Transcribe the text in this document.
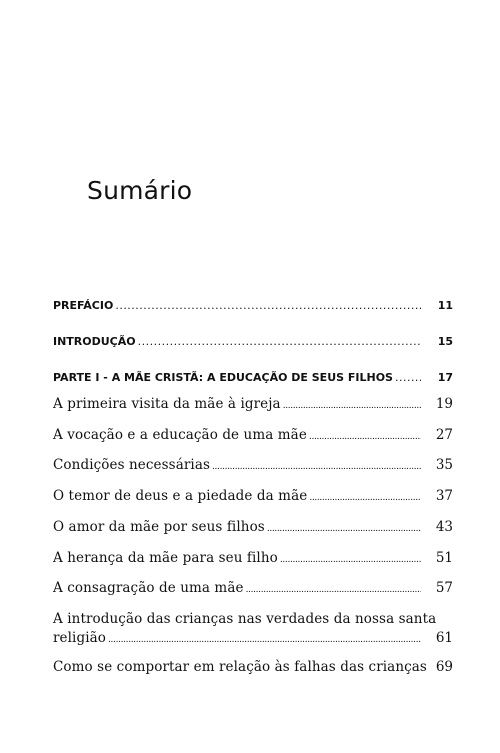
Sumário
PREFÁCIO . . .	11
INTRODUÇÃO . . .	15
PARTE I - A MÃE CRISTÃ: A EDUCAÇÃO DE SEUS FILHOS . . .	17
A primeira visita da mãe à igreja . . .	19
A vocação e a educação de uma mãe . . .	27
Condições necessárias . . .	35
O temor de deus e a piedade da mãe . . .	37
O amor da mãe por seus filhos . . .	43
A herança da mãe para seu filho . . .	51
A consagração de uma mãe . . .	57
A introdução das crianças nas verdades da nossa santa
religião . . .	61
Como se comportar em relação às falhas das crianças 69
